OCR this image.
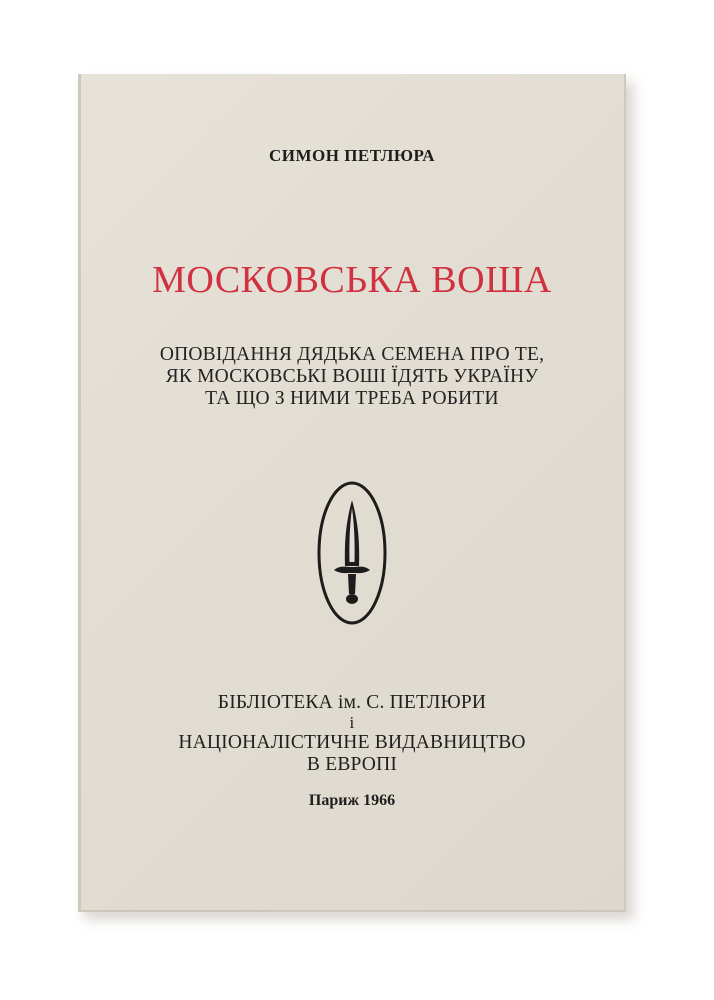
СИМОН ПЕТЛЮРА
МОСКОВСЬКА ВОША
ОПОВІДАННЯ ДЯДЬКА СЕМЕНА ПРО ТЕ,
ЯК МОСКОВСЬКІ ВОШІ ЇДЯТЬ УКРАЇНУ
ТА ЩО З НИМИ ТРЕБА РОБИТИ
БІБЛІОТЕКА ім. С. ПЕТЛЮРИ
і
НАЦІОНАЛІСТИЧНЕ ВИДАВНИЦТВО
В ЕВРОПІ
Париж 1966
